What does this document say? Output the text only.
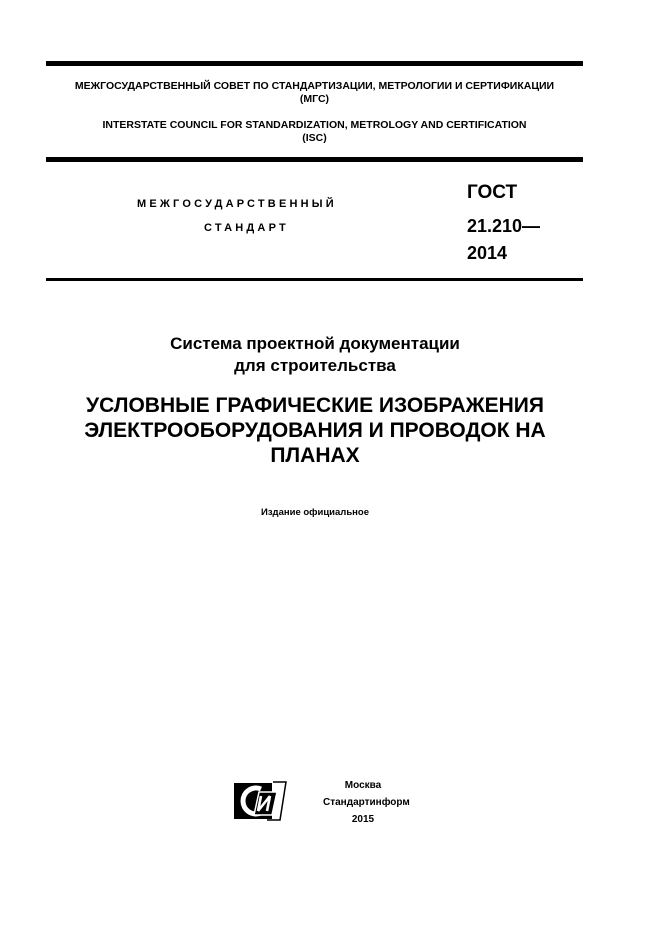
МЕЖГОСУДАРСТВЕННЫЙ СОВЕТ ПО СТАНДАРТИЗАЦИИ, МЕТРОЛОГИИ И СЕРТИФИКАЦИИ
(МГС)
INTERSTATE COUNCIL FOR STANDARDIZATION, METROLOGY AND CERTIFICATION
(ISC)
МЕЖГОСУДАРСТВЕННЫЙ
СТАНДАРТ
ГОСТ
21.210—
2014
Система проектной документации
для строительства
УСЛОВНЫЕ ГРАФИЧЕСКИЕ ИЗОБРАЖЕНИЯ
ЭЛЕКТРООБОРУДОВАНИЯ И ПРОВОДОК НА
ПЛАНАХ
Издание официальное
Москва
Стандартинформ
2015
